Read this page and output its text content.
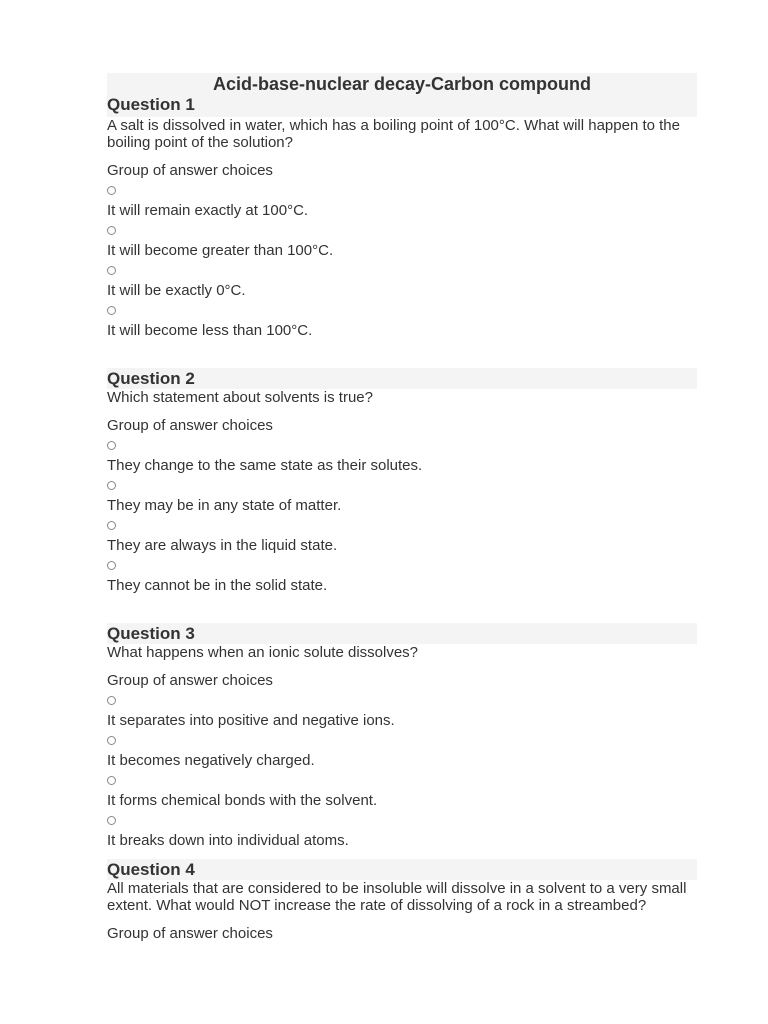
Acid-base-nuclear decay-Carbon compound
Question 1
A salt is dissolved in water, which has a boiling point of 100°C. What will happen to the boiling point of the solution?
Group of answer choices
It will remain exactly at 100°C.
It will become greater than 100°C.
It will be exactly 0°C.
It will become less than 100°C.
Question 2
Which statement about solvents is true?
Group of answer choices
They change to the same state as their solutes.
They may be in any state of matter.
They are always in the liquid state.
They cannot be in the solid state.
Question 3
What happens when an ionic solute dissolves?
Group of answer choices
It separates into positive and negative ions.
It becomes negatively charged.
It forms chemical bonds with the solvent.
It breaks down into individual atoms.
Question 4
All materials that are considered to be insoluble will dissolve in a solvent to a very small extent. What would NOT increase the rate of dissolving of a rock in a streambed?
Group of answer choices
